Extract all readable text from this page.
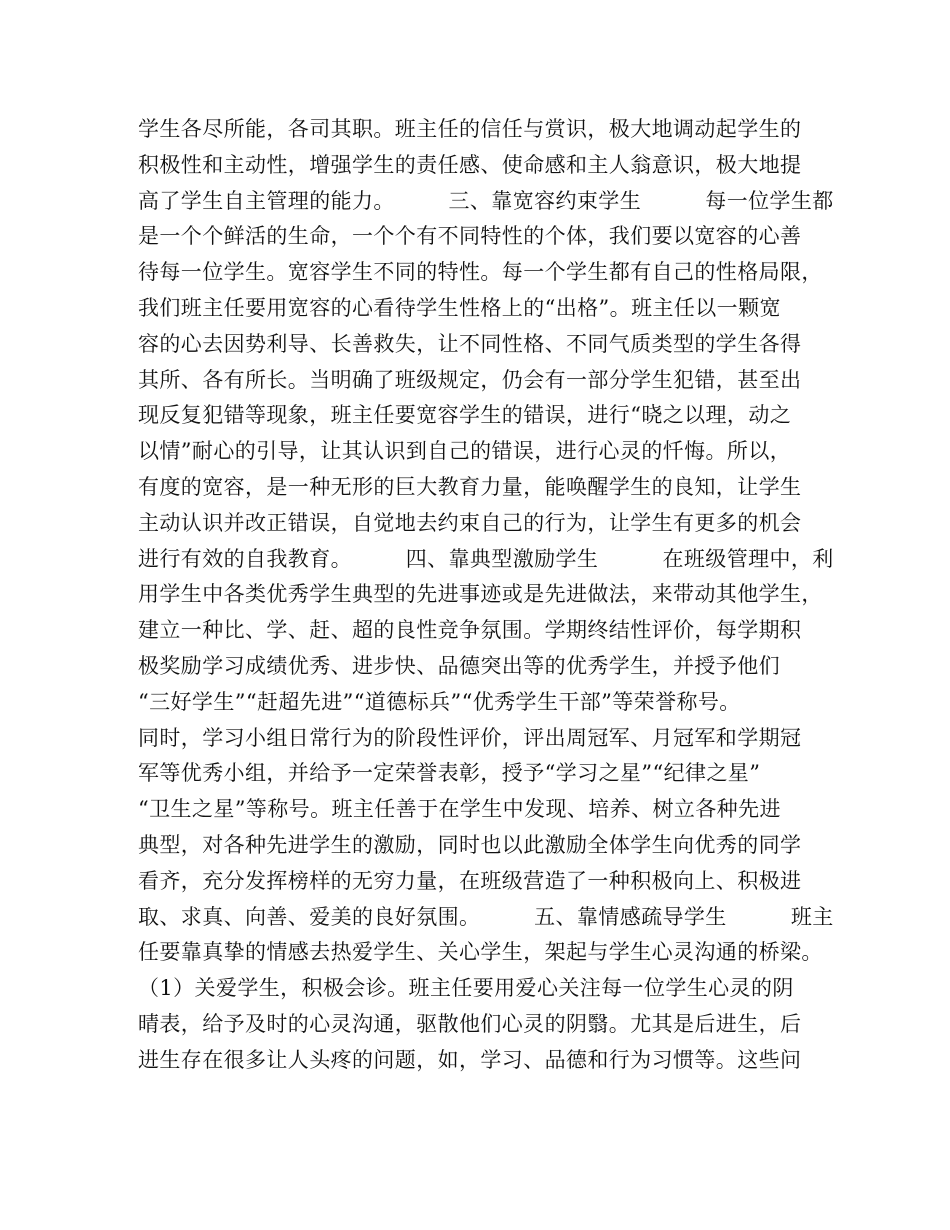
学生各尽所能，各司其职。班主任的信任与赏识，极大地调动起学生的
积极性和主动性，增强学生的责任感、使命感和主人翁意识，极大地提
高了学生自主管理的能力。　　　三、靠宽容约束学生　　　每一位学生都
是一个个鲜活的生命，一个个有不同特性的个体，我们要以宽容的心善
待每一位学生。宽容学生不同的特性。每一个学生都有自己的性格局限，
我们班主任要用宽容的心看待学生性格上的“出格”。班主任以一颗宽
容的心去因势利导、长善救失，让不同性格、不同气质类型的学生各得
其所、各有所长。当明确了班级规定，仍会有一部分学生犯错，甚至出
现反复犯错等现象，班主任要宽容学生的错误，进行“晓之以理，动之
以情”耐心的引导，让其认识到自己的错误，进行心灵的忏悔。所以，
有度的宽容，是一种无形的巨大教育力量，能唤醒学生的良知，让学生
主动认识并改正错误，自觉地去约束自己的行为，让学生有更多的机会
进行有效的自我教育。　　　四、靠典型激励学生　　　在班级管理中，利
用学生中各类优秀学生典型的先进事迹或是先进做法，来带动其他学生，
建立一种比、学、赶、超的良性竞争氛围。学期终结性评价，每学期积
极奖励学习成绩优秀、进步快、品德突出等的优秀学生，并授予他们
“三好学生”“赶超先进”“道德标兵”“优秀学生干部”等荣誉称号。
同时，学习小组日常行为的阶段性评价，评出周冠军、月冠军和学期冠
军等优秀小组，并给予一定荣誉表彰，授予“学习之星”“纪律之星”
“卫生之星”等称号。班主任善于在学生中发现、培养、树立各种先进
典型，对各种先进学生的激励，同时也以此激励全体学生向优秀的同学
看齐，充分发挥榜样的无穷力量，在班级营造了一种积极向上、积极进
取、求真、向善、爱美的良好氛围。　　　五、靠情感疏导学生　　　班主
任要靠真挚的情感去热爱学生、关心学生，架起与学生心灵沟通的桥梁。
（1）关爱学生，积极会诊。班主任要用爱心关注每一位学生心灵的阴
晴表，给予及时的心灵沟通，驱散他们心灵的阴翳。尤其是后进生，后
进生存在很多让人头疼的问题，如，学习、品德和行为习惯等。这些问
